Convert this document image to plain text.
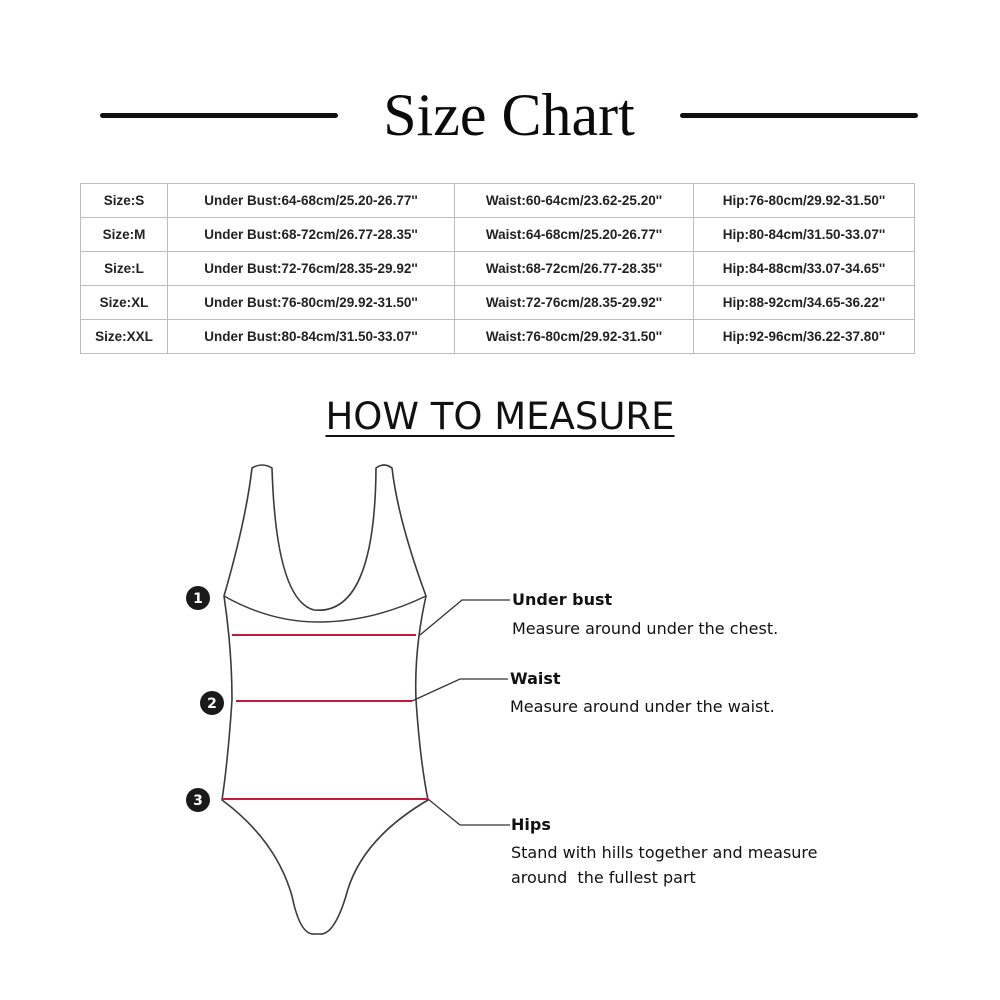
Size Chart
Size:S	Under Bust:64-68cm/25.20-26.77''	Waist:60-64cm/23.62-25.20''	Hip:76-80cm/29.92-31.50''
Size:M	Under Bust:68-72cm/26.77-28.35''	Waist:64-68cm/25.20-26.77''	Hip:80-84cm/31.50-33.07''
Size:L	Under Bust:72-76cm/28.35-29.92''	Waist:68-72cm/26.77-28.35''	Hip:84-88cm/33.07-34.65''
Size:XL	Under Bust:76-80cm/29.92-31.50''	Waist:72-76cm/28.35-29.92''	Hip:88-92cm/34.65-36.22''
Size:XXL	Under Bust:80-84cm/31.50-33.07''	Waist:76-80cm/29.92-31.50''	Hip:92-96cm/36.22-37.80''
HOW TO MEASURE
1
2
3
Under bust
Measure around under the chest.
Waist
Measure around under the waist.
Hips
Stand with hills together and measure
around  the fullest part
